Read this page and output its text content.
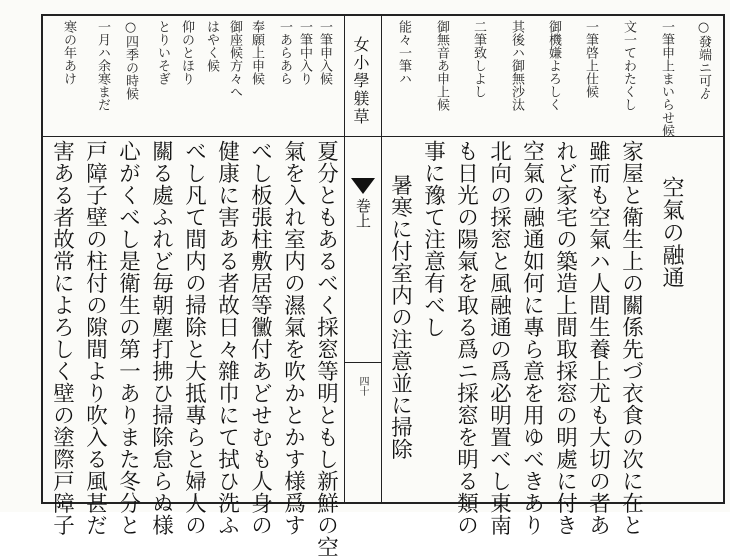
女小學躾草
巻上
四十
○發端ニ可ゟ
一筆申上まいらせ候
文一てわたくし
一筆啓上仕候
御機嫌よろしく
其後ハ御無沙汰
二筆致しよし
御無音あ申上候
能々一筆ハ
一筆申入候
一筆中入り
一あらあら
奉願上申候
御座候方々へ
はやく候
仰のとほり
とりいそぎ
○四季の時候
一月ハ余寒まだ
寒の年あけ
空氣の融通
家屋と衛生上の關係先づ衣食の次に在と
雖而も空氣ハ人間生養上尤も大切の者あ
れど家宅の築造上間取採窓の明處に付き
空氣の融通如何に專ら意を用ゆべきあり
北向の採窓と風融通の爲必明置べし東南
も日光の陽氣を取る爲ニ採窓を明る類の
事に豫て注意有べし
暑寒に付室内の注意並に掃除
夏分ともあるべく採窓等明ともし新鮮の空
氣を入れ室内の濕氣を吹かとかす様爲す
べし板張柱敷居等黴付あどせむも人身の
健康に害ある者故日々雜巾にて拭ひ洗ふ
べし凡て間内の掃除と大抵專らと婦人の
關る處ふれど毎朝塵打拂ひ掃除怠らぬ様
心がくべし是衛生の第一ありまた冬分と
戸障子壁の柱付の隙間より吹入る風甚だ
害ある者故常によろしく壁の塗際戸障子
